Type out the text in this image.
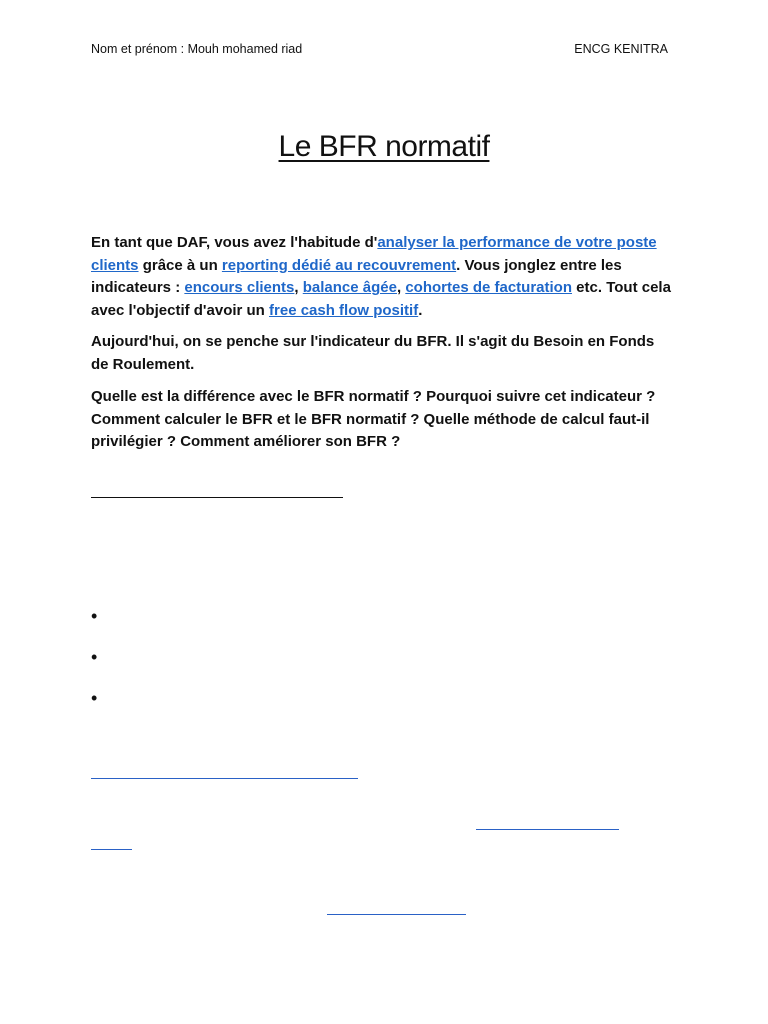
Nom et prénom : Mouh mohamed riad	ENCG KENITRA
Le BFR normatif
En tant que DAF, vous avez l'habitude d'analyser la performance de votre poste clients grâce à un reporting dédié au recouvrement. Vous jonglez entre les indicateurs : encours clients, balance âgée, cohortes de facturation etc. Tout cela avec l'objectif d'avoir un free cash flow positif.
Aujourd'hui, on se penche sur l'indicateur du BFR. Il s'agit du Besoin en Fonds de Roulement.
Quelle est la différence avec le BFR normatif ? Pourquoi suivre cet indicateur ? Comment calculer le BFR et le BFR normatif ? Quelle méthode de calcul faut-il privilégier ? Comment améliorer son BFR ?
•
•
•
